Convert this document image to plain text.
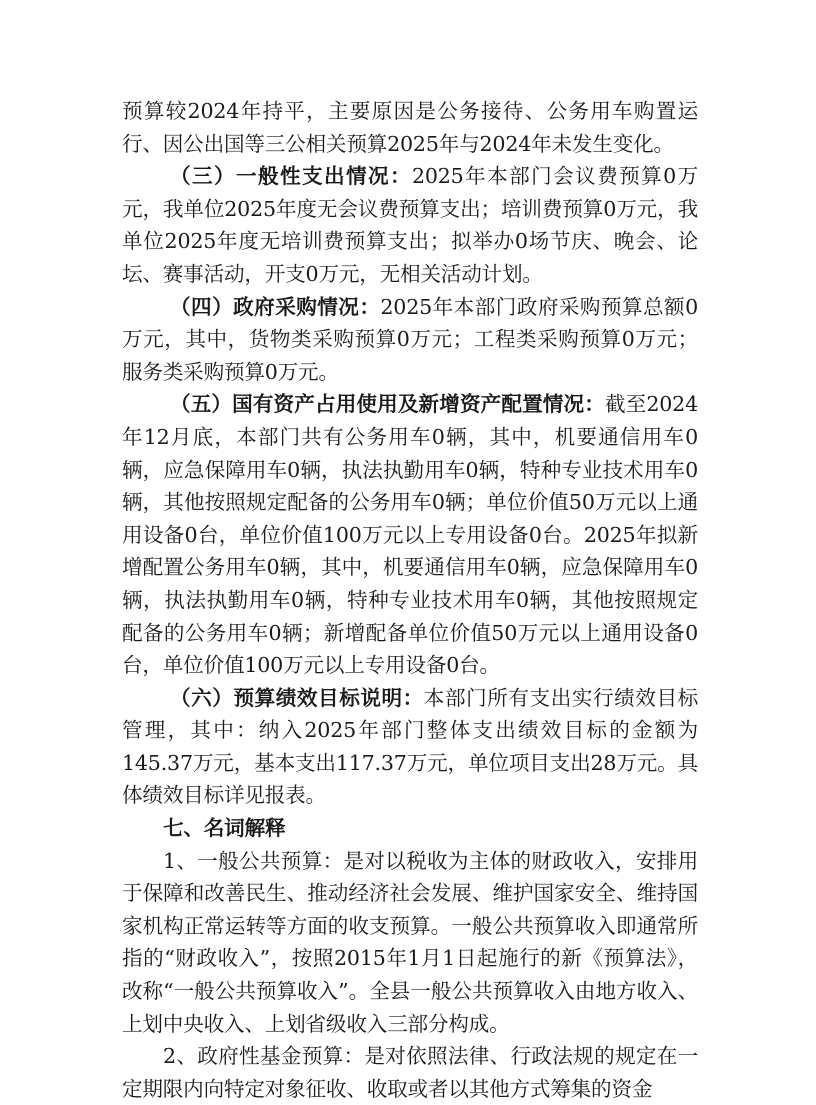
预算较2024年持平，主要原因是公务接待、公务用车购置运行、因公出国等三公相关预算2025年与2024年未发生变化。

（三）一般性支出情况：2025年本部门会议费预算0万元，我单位2025年度无会议费预算支出；培训费预算0万元，我单位2025年度无培训费预算支出；拟举办0场节庆、晚会、论坛、赛事活动，开支0万元，无相关活动计划。

（四）政府采购情况：2025年本部门政府采购预算总额0万元，其中，货物类采购预算0万元；工程类采购预算0万元；服务类采购预算0万元。

（五）国有资产占用使用及新增资产配置情况：截至2024年12月底，本部门共有公务用车0辆，其中，机要通信用车0辆，应急保障用车0辆，执法执勤用车0辆，特种专业技术用车0辆，其他按照规定配备的公务用车0辆；单位价值50万元以上通用设备0台，单位价值100万元以上专用设备0台。2025年拟新增配置公务用车0辆，其中，机要通信用车0辆，应急保障用车0辆，执法执勤用车0辆，特种专业技术用车0辆，其他按照规定配备的公务用车0辆；新增配备单位价值50万元以上通用设备0台，单位价值100万元以上专用设备0台。

（六）预算绩效目标说明：本部门所有支出实行绩效目标管理，其中：纳入2025年部门整体支出绩效目标的金额为145.37万元，基本支出117.37万元，单位项目支出28万元。具体绩效目标详见报表。

七、名词解释

1、一般公共预算：是对以税收为主体的财政收入，安排用于保障和改善民生、推动经济社会发展、维护国家安全、维持国家机构正常运转等方面的收支预算。一般公共预算收入即通常所指的“财政收入”，按照2015年1月1日起施行的新《预算法》，改称“一般公共预算收入”。全县一般公共预算收入由地方收入、上划中央收入、上划省级收入三部分构成。

2、政府性基金预算：是对依照法律、行政法规的规定在一定期限内向特定对象征收、收取或者以其他方式筹集的资金
